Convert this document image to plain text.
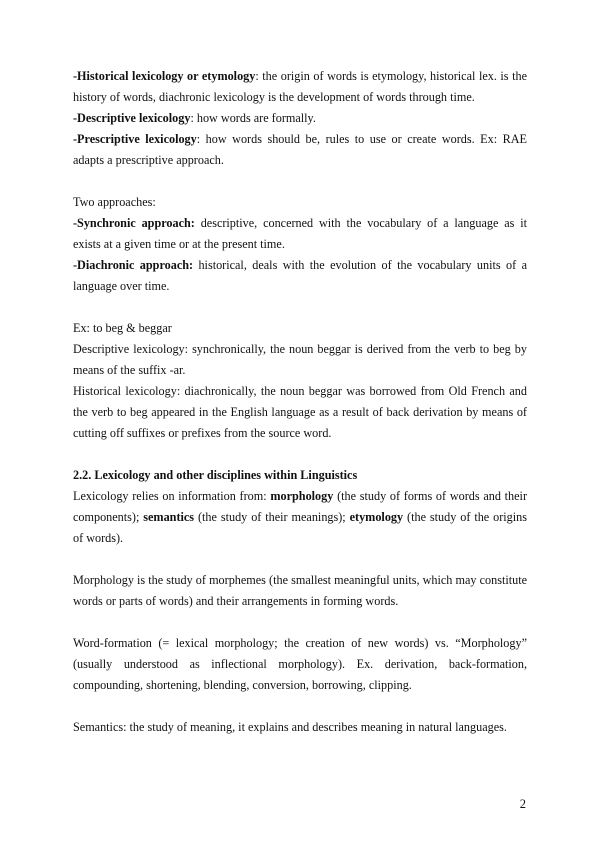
-Historical lexicology or etymology: the origin of words is etymology, historical lex. is the history of words, diachronic lexicology is the development of words through time.

-Descriptive lexicology: how words are formally.

-Prescriptive lexicology: how words should be, rules to use or create words. Ex: RAE adapts a prescriptive approach.

Two approaches:

-Synchronic approach: descriptive, concerned with the vocabulary of a language as it exists at a given time or at the present time.

-Diachronic approach: historical, deals with the evolution of the vocabulary units of a language over time.

Ex: to beg & beggar

Descriptive lexicology: synchronically, the noun beggar is derived from the verb to beg by means of the suffix -ar.

Historical lexicology: diachronically, the noun beggar was borrowed from Old French and the verb to beg appeared in the English language as a result of back derivation by means of cutting off suffixes or prefixes from the source word.

2.2. Lexicology and other disciplines within Linguistics

Lexicology relies on information from: morphology (the study of forms of words and their components); semantics (the study of their meanings); etymology (the study of the origins of words).

Morphology is the study of morphemes (the smallest meaningful units, which may constitute words or parts of words) and their arrangements in forming words.

Word-formation (= lexical morphology; the creation of new words) vs. “Morphology” (usually understood as inflectional morphology). Ex. derivation, back-formation, compounding, shortening, blending, conversion, borrowing, clipping.

Semantics: the study of meaning, it explains and describes meaning in natural languages.

2
